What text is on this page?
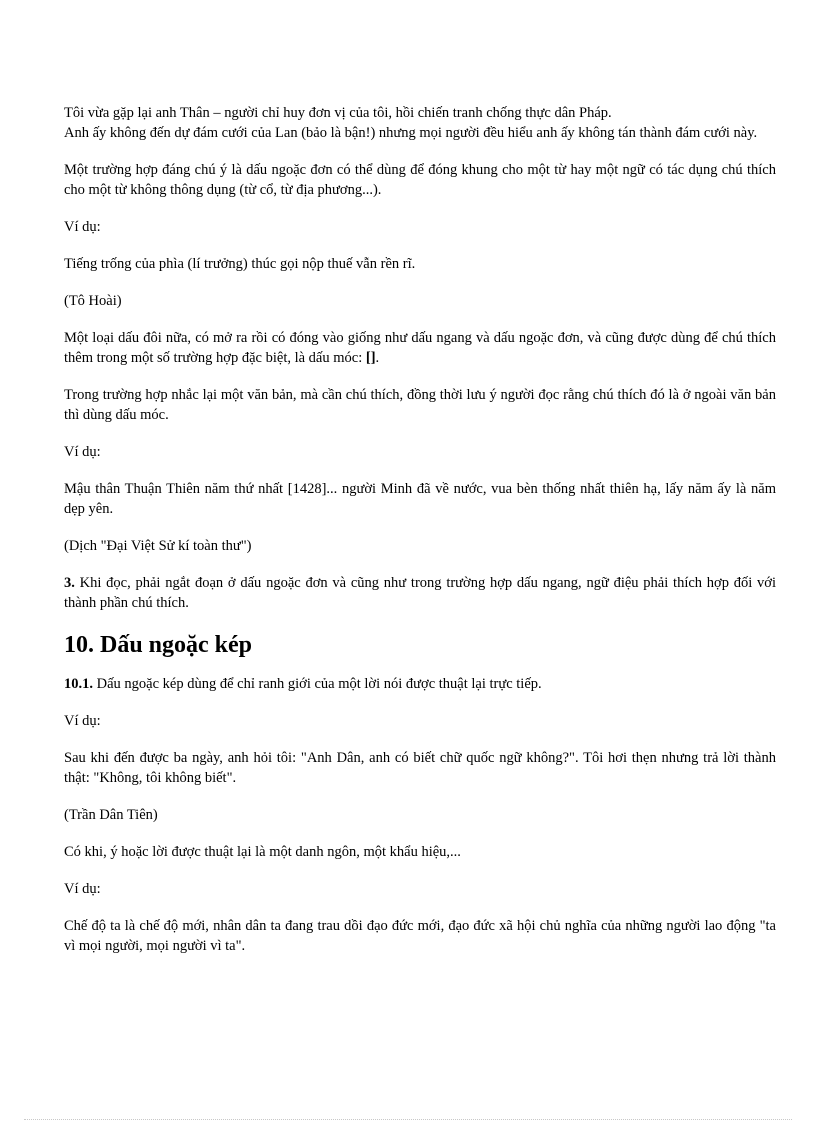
Tôi vừa gặp lại anh Thân – người chỉ huy đơn vị của tôi, hồi chiến tranh chống thực dân Pháp.

Anh ấy không đến dự đám cưới của Lan (bảo là bận!) nhưng mọi người đều hiểu anh ấy không tán thành đám cưới này.

Một trường hợp đáng chú ý là dấu ngoặc đơn có thể dùng để đóng khung cho một từ hay một ngữ có tác dụng chú thích cho một từ không thông dụng (từ cổ, từ địa phương...).

Ví dụ:

Tiếng trống của phìa (lí trưởng) thúc gọi nộp thuế vẫn rền rĩ.

(Tô Hoài)

Một loại dấu đôi nữa, có mở ra rồi có đóng vào giống như dấu ngang và dấu ngoặc đơn, và cũng được dùng để chú thích thêm trong một số trường hợp đặc biệt, là dấu móc: [].

Trong trường hợp nhắc lại một văn bản, mà cần chú thích, đồng thời lưu ý người đọc rằng chú thích đó là ở ngoài văn bản thì dùng dấu móc.

Ví dụ:

Mậu thân Thuận Thiên năm thứ nhất [1428]... người Minh đã về nước, vua bèn thống nhất thiên hạ, lấy năm ấy là năm dẹp yên.

(Dịch "Đại Việt Sử kí toàn thư")

3. Khi đọc, phải ngắt đoạn ở dấu ngoặc đơn và cũng như trong trường hợp dấu ngang, ngữ điệu phải thích hợp đối với thành phần chú thích.

10. Dấu ngoặc kép

10.1. Dấu ngoặc kép dùng để chỉ ranh giới của một lời nói được thuật lại trực tiếp.

Ví dụ:

Sau khi đến được ba ngày, anh hỏi tôi: "Anh Dân, anh có biết chữ quốc ngữ không?". Tôi hơi thẹn nhưng trả lời thành thật: "Không, tôi không biết".

(Trần Dân Tiên)

Có khi, ý hoặc lời được thuật lại là một danh ngôn, một khẩu hiệu,...

Ví dụ:

Chế độ ta là chế độ mới, nhân dân ta đang trau dồi đạo đức mới, đạo đức xã hội chủ nghĩa của những người lao động "ta vì mọi người, mọi người vì ta".
